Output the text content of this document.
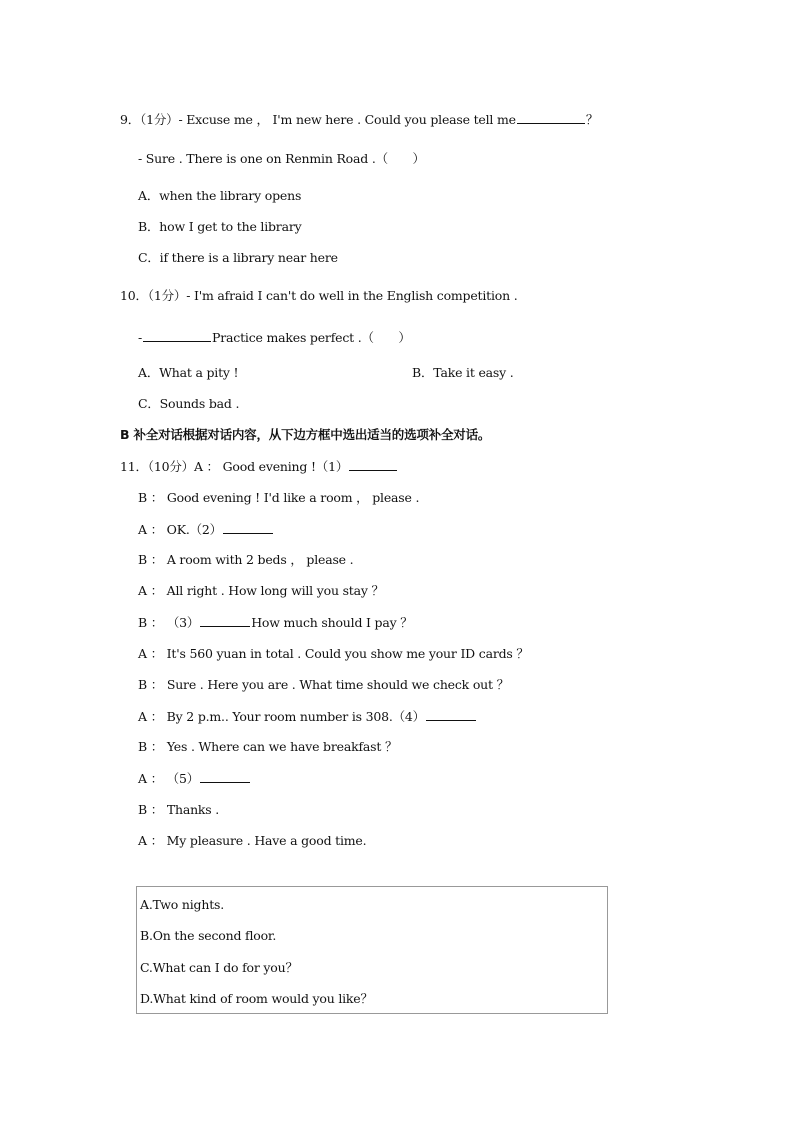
9．（1分）- Excuse me ， I'm new here . Could you please tell me	？
- Sure . There is one on Renmin Road .（　　）
A．when the library opens
B．how I get to the library
C．if there is a library near here
10．（1分）- I'm afraid I can't do well in the English competition .
-	Practice makes perfect .（　　）
A．What a pity !	B．Take it easy .
C．Sounds bad .
B 补全对话根据对话内容，从下边方框中选出适当的选项补全对话。
11．（10分）A ： Good evening !（1）
B ： Good evening ! I'd like a room ， please .
A ： OK.（2）
B ： A room with 2 beds ， please .
A ： All right . How long will you stay ？
B ： （3）	How much should I pay ？
A ： It's 560 yuan in total . Could you show me your ID cards ？
B ： Sure . Here you are . What time should we check out ？
A ： By 2 p.m.. Your room number is 308.（4）
B ： Yes . Where can we have breakfast ？
A ： （5）
B ： Thanks .
A ： My pleasure . Have a good time.
A.Two nights.
B.On the second floor.
C.What can I do for you？
D.What kind of room would you like？
